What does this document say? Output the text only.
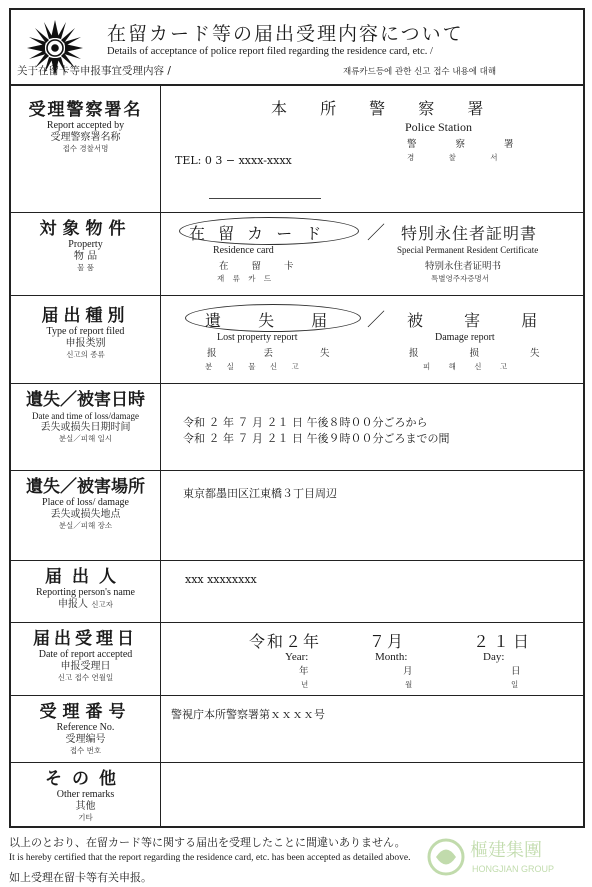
在留カード等の届出受理内容について
Details of acceptance of police report filed regarding the residence card, etc. /
关于在留卡等申报事宜受理内容 /	재류카드등에 관한 신고 접수 내용에 대해
受理警察署名
Report accepted by
受理警察署名称
접수 경찰서명
本 所 警 察 署
Police Station
警 察 署
경 찰 서
TEL: 0 3 − xxxx-xxxx
対象物件
Property
物 品
물 품
在 留 カ ー ド
Residence card
在 留 卡
재 류 카 드
／ 特別永住者証明書
Special Permanent Resident Certificate
特别永住者证明书
특별영주자증명서
届出種別
Type of report filed
申报类别
신고의 종류
遺 失 届
Lost property report
报 丢 失
분 실 물 신 고
／ 被 害 届
Damage report
报 损 失
피 해 신 고
遺失／被害日時
Date and time of loss/damage
丢失或损失日期时间
분실／피해 일시
令和 ２ 年 ７ 月 ２１ 日 午後８時００分ごろから
令和 ２ 年 ７ 月 ２１ 日 午後９時００分ごろまでの間
遺失／被害場所
Place of loss/ damage
丢失或损失地点
분실／피해 장소
東京都墨田区江東橋３丁目周辺
届出人
Reporting person's name
申报人 신고자
xxx xxxxxxxx
届出受理日
Date of report accepted
申报受理日
신고 접수 연월일
令和２年	７月	２１日
Year:	Month:	Day:
年	月	日
년	월	일
受理番号
Reference No.
受理编号
접수 번호
警視庁本所警察署第ｘｘｘｘ号
その他
Other remarks
其他
기타
以上のとおり、在留カード等に関する届出を受理したことに間違いありません。
It is hereby certified that the report regarding the residence card, etc. has been accepted as detailed above.
如上受理在留卡等有关申报。
樞建集團
HONGJIAN GROUP
